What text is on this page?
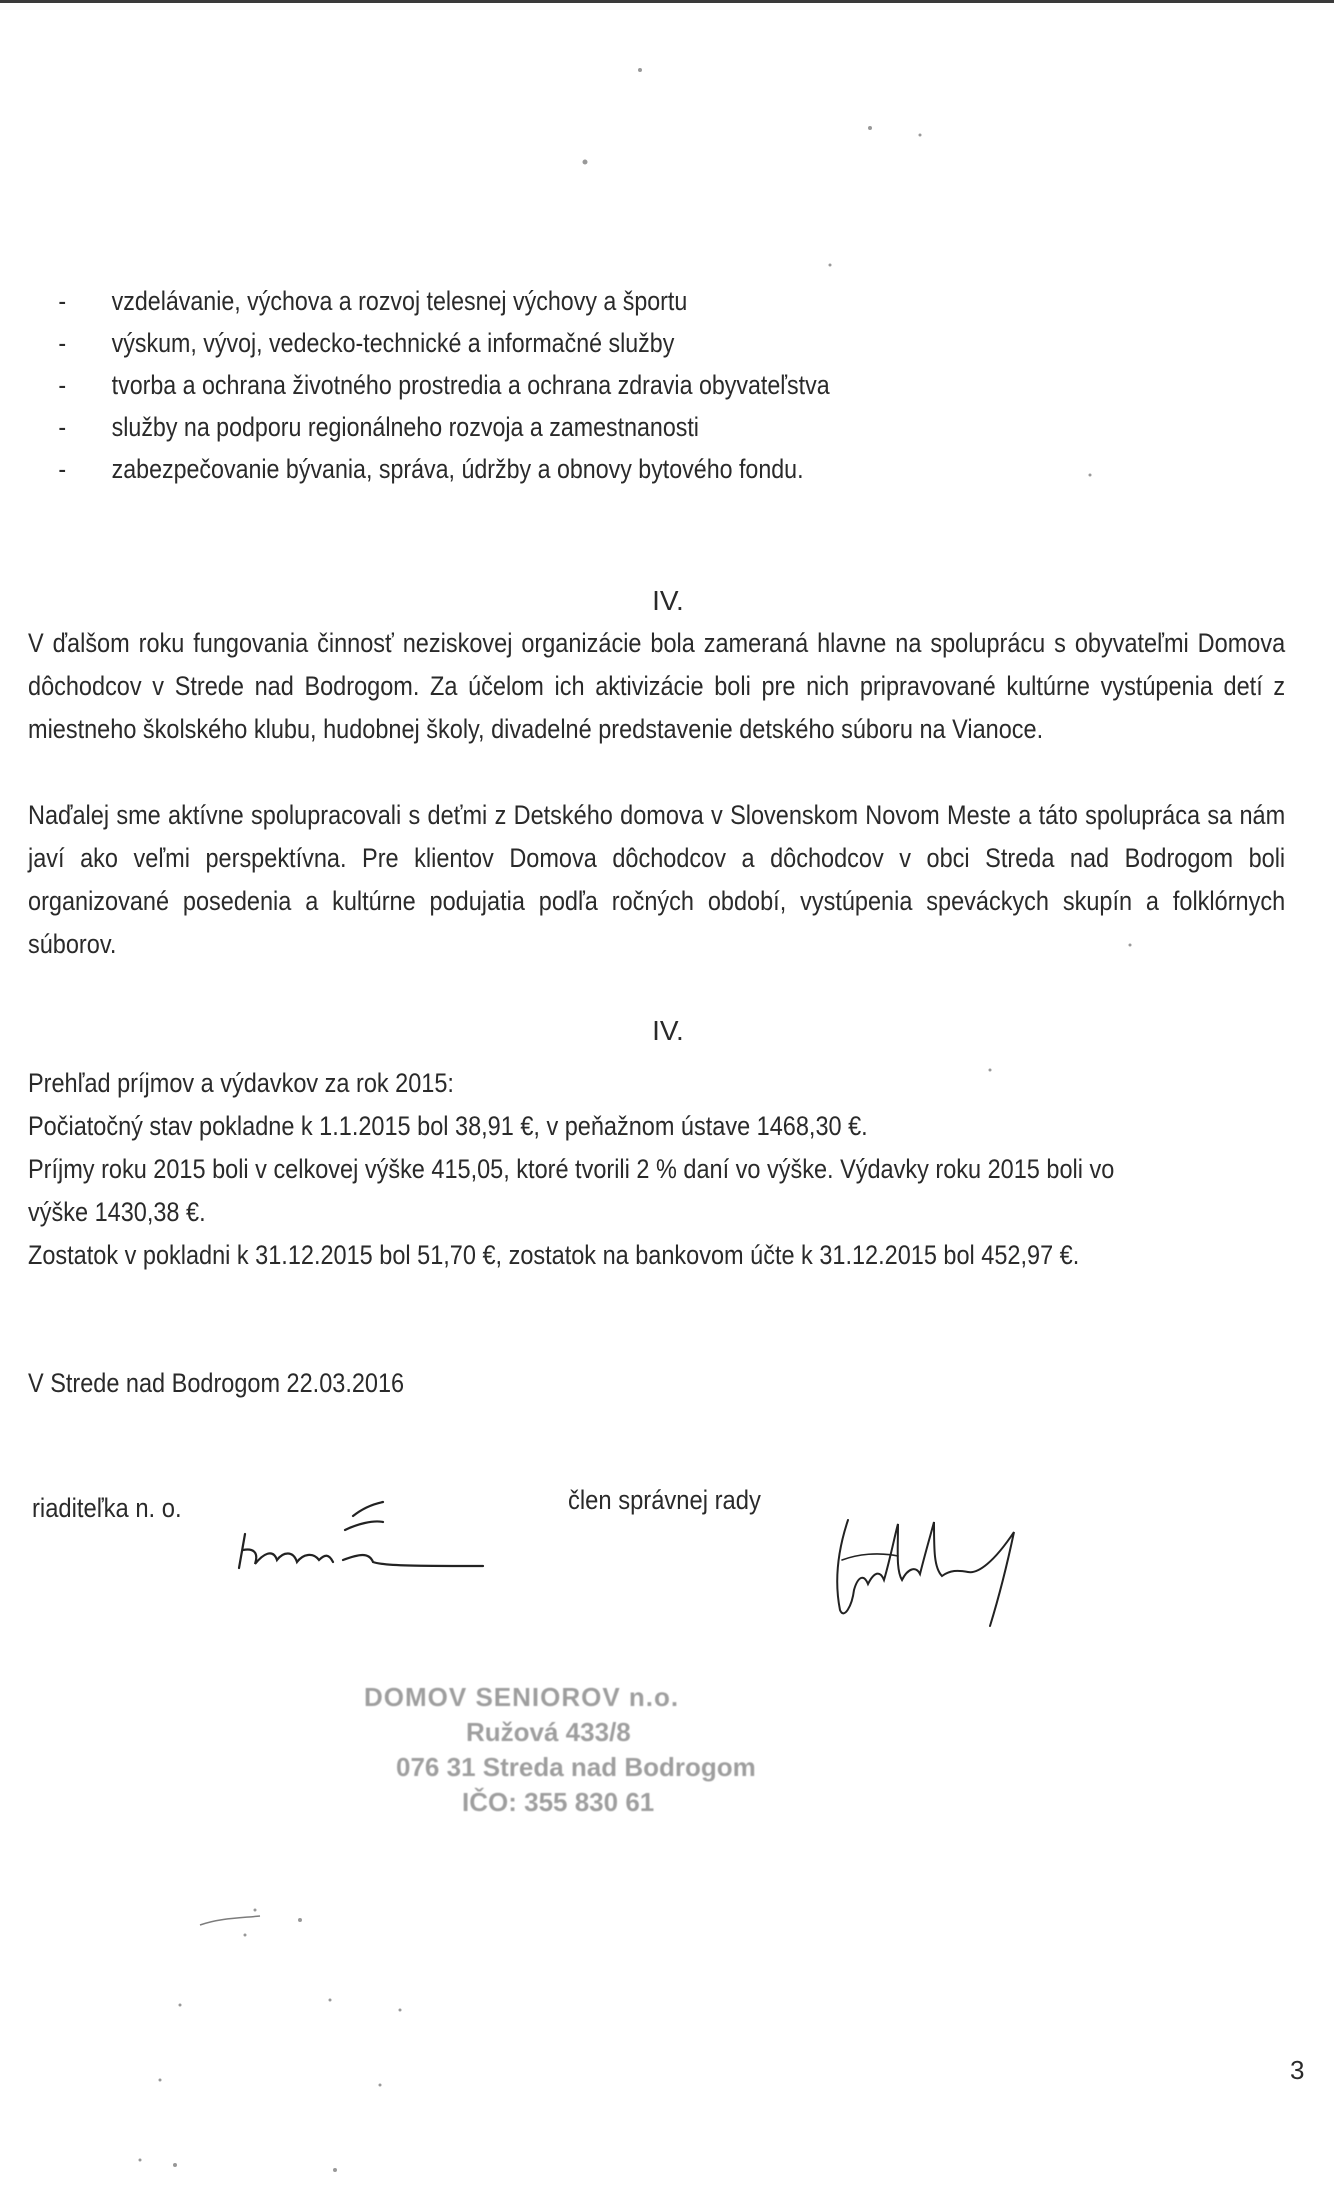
- vzdelávanie, výchova a rozvoj telesnej výchovy a športu
- výskum, vývoj, vedecko-technické a informačné služby
- tvorba a ochrana životného prostredia a ochrana zdravia obyvateľstva
- služby na podporu regionálneho rozvoja a zamestnanosti
- zabezpečovanie bývania, správa, údržby a obnovy bytového fondu.
IV.

V ďalšom roku fungovania činnosť neziskovej organizácie bola zameraná hlavne na spoluprácu s obyvateľmi Domova dôchodcov v Strede nad Bodrogom. Za účelom ich aktivizácie boli pre nich pripravované kultúrne vystúpenia detí z miestneho školského klubu, hudobnej školy, divadelné predstavenie detského súboru na Vianoce.

Naďalej sme aktívne spolupracovali s deťmi z Detského domova v Slovenskom Novom Meste a táto spolupráca sa nám javí ako veľmi perspektívna. Pre klientov Domova dôchodcov a dôchodcov v obci Streda nad Bodrogom boli organizované posedenia a kultúrne podujatia podľa ročných období, vystúpenia speváckych skupín a folklórnych súborov.

IV.
Prehľad príjmov a výdavkov za rok 2015:
Počiatočný stav pokladne k 1.1.2015 bol 38,91 €, v peňažnom ústave 1468,30 €.
Príjmy roku 2015 boli v celkovej výške 415,05, ktoré tvorili 2 % daní vo výške. Výdavky roku 2015 boli vo
výške 1430,38 €.
Zostatok v pokladni k 31.12.2015 bol 51,70 €, zostatok na bankovom účte k 31.12.2015 bol 452,97 €.
V Strede nad Bodrogom 22.03.2016
riaditeľka n. o.	člen správnej rady
DOMOV SENIOROV n.o.
Ružová 433/8
076 31 Streda nad Bodrogom
IČO: 355 830 61
3
